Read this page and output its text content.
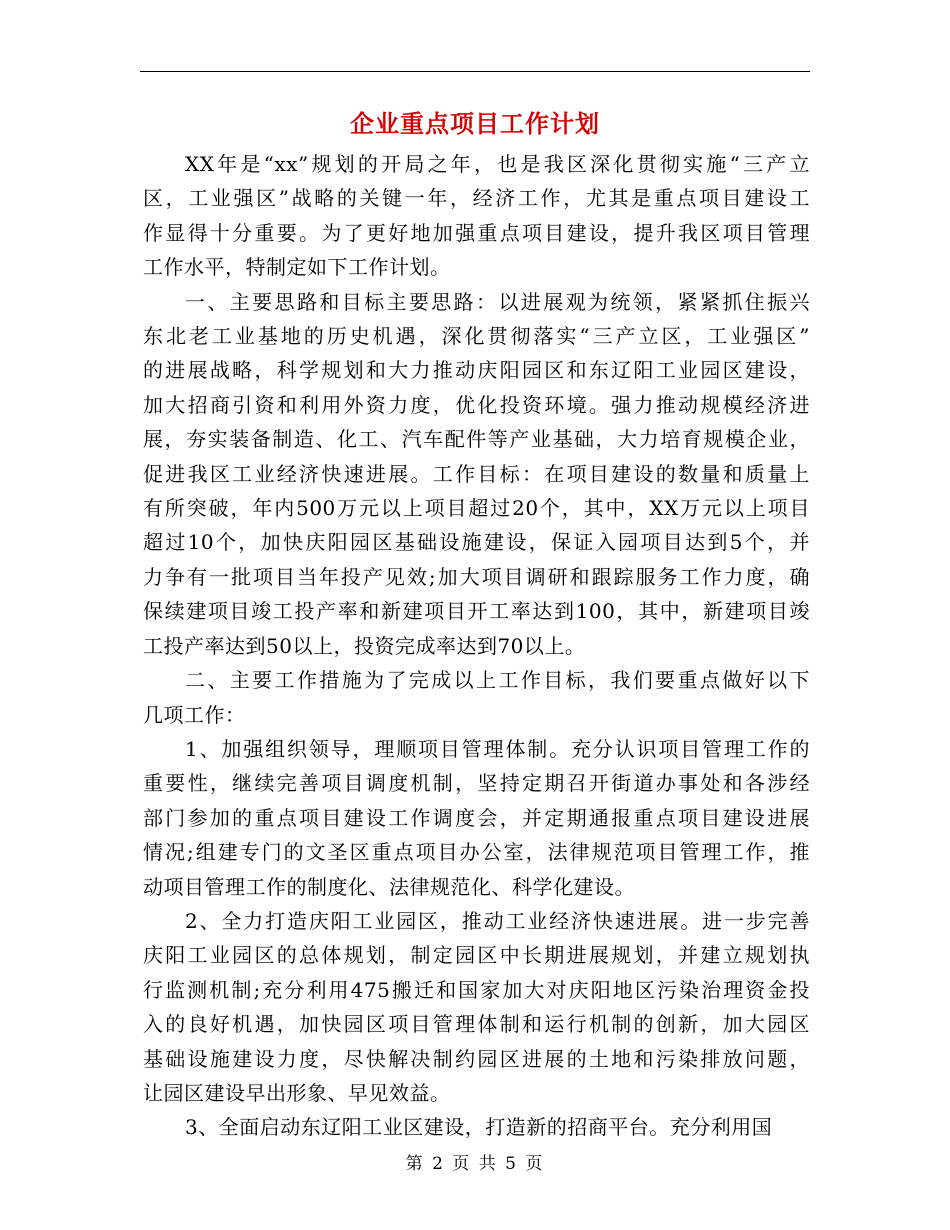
企业重点项目工作计划
XX年是“xx”规划的开局之年，也是我区深化贯彻实施“三产立
区，工业强区”战略的关键一年，经济工作，尤其是重点项目建设工
作显得十分重要。为了更好地加强重点项目建设，提升我区项目管理
工作水平，特制定如下工作计划。
一、主要思路和目标主要思路：以进展观为统领，紧紧抓住振兴
东北老工业基地的历史机遇，深化贯彻落实“三产立区，工业强区”
的进展战略，科学规划和大力推动庆阳园区和东辽阳工业园区建设，
加大招商引资和利用外资力度，优化投资环境。强力推动规模经济进
展，夯实装备制造、化工、汽车配件等产业基础，大力培育规模企业，
促进我区工业经济快速进展。工作目标：在项目建设的数量和质量上
有所突破，年内500万元以上项目超过20个，其中，XX万元以上项目
超过10个，加快庆阳园区基础设施建设，保证入园项目达到5个，并
力争有一批项目当年投产见效;加大项目调研和跟踪服务工作力度，确
保续建项目竣工投产率和新建项目开工率达到100，其中，新建项目竣
工投产率达到50以上，投资完成率达到70以上。
二、主要工作措施为了完成以上工作目标，我们要重点做好以下
几项工作：
1、加强组织领导，理顺项目管理体制。充分认识项目管理工作的
重要性，继续完善项目调度机制，坚持定期召开街道办事处和各涉经
部门参加的重点项目建设工作调度会，并定期通报重点项目建设进展
情况;组建专门的文圣区重点项目办公室，法律规范项目管理工作，推
动项目管理工作的制度化、法律规范化、科学化建设。
2、全力打造庆阳工业园区，推动工业经济快速进展。进一步完善
庆阳工业园区的总体规划，制定园区中长期进展规划，并建立规划执
行监测机制;充分利用475搬迁和国家加大对庆阳地区污染治理资金投
入的良好机遇，加快园区项目管理体制和运行机制的创新，加大园区
基础设施建设力度，尽快解决制约园区进展的土地和污染排放问题，
让园区建设早出形象、早见效益。
3、全面启动东辽阳工业区建设，打造新的招商平台。充分利用国
第 2 页 共 5 页
